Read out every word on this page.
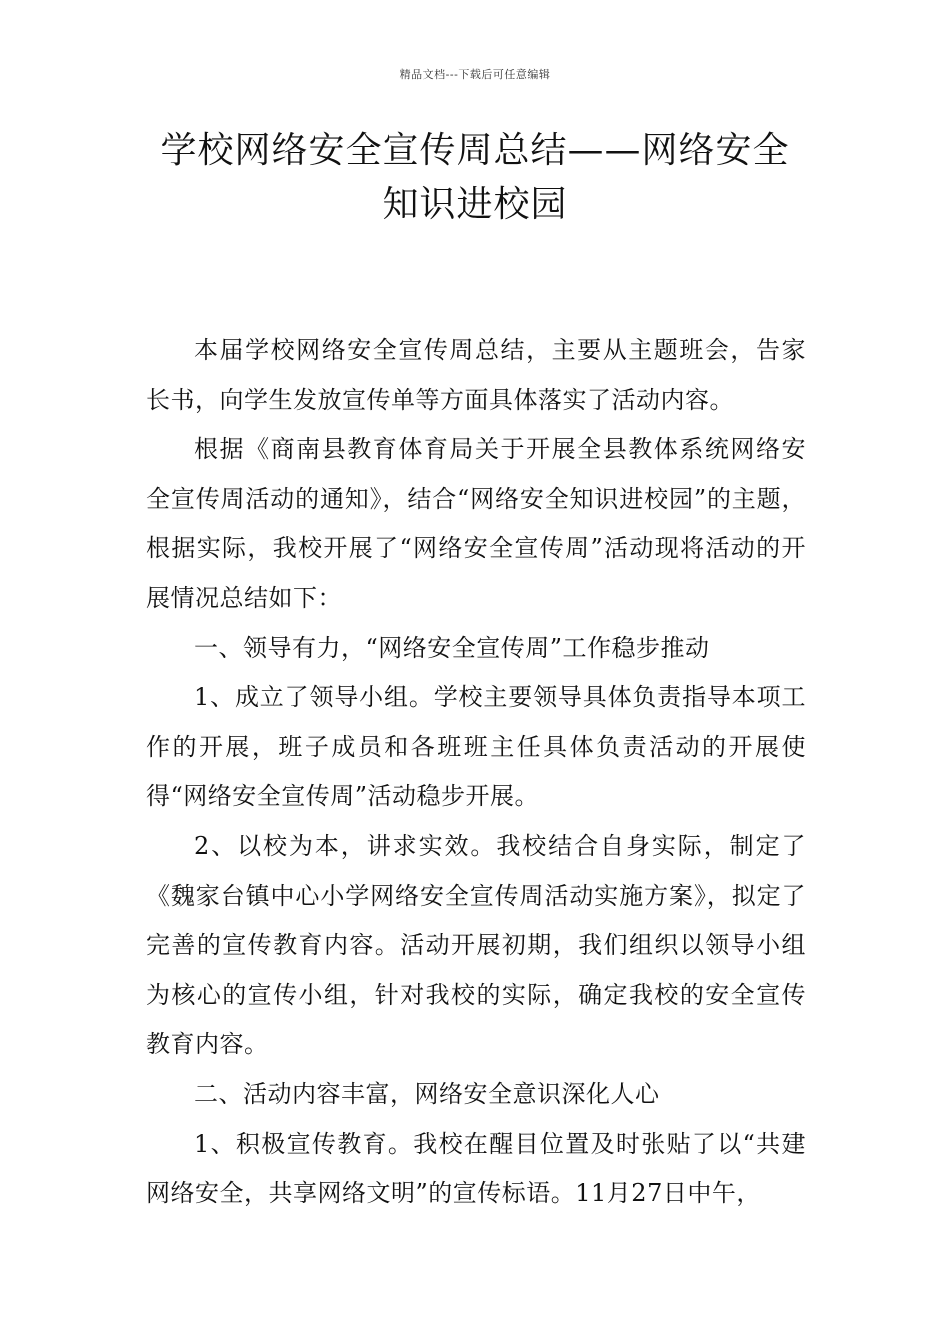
精品文档---下载后可任意编辑
学校网络安全宣传周总结——网络安全
知识进校园

本届学校网络安全宣传周总结，主要从主题班会，告家长书，向学生发放宣传单等方面具体落实了活动内容。

根据《商南县教育体育局关于开展全县教体系统网络安全宣传周活动的通知》，结合“网络安全知识进校园”的主题，根据实际，我校开展了“网络安全宣传周”活动现将活动的开展情况总结如下：

一、领导有力，“网络安全宣传周”工作稳步推动

1、成立了领导小组。学校主要领导具体负责指导本项工作的开展，班子成员和各班班主任具体负责活动的开展使得“网络安全宣传周”活动稳步开展。

2、以校为本，讲求实效。我校结合自身实际，制定了《魏家台镇中心小学网络安全宣传周活动实施方案》，拟定了完善的宣传教育内容。活动开展初期，我们组织以领导小组为核心的宣传小组，针对我校的实际，确定我校的安全宣传教育内容。

二、活动内容丰富，网络安全意识深化人心

1、积极宣传教育。我校在醒目位置及时张贴了以“共建网络安全，共享网络文明”的宣传标语。11月27日中午，
